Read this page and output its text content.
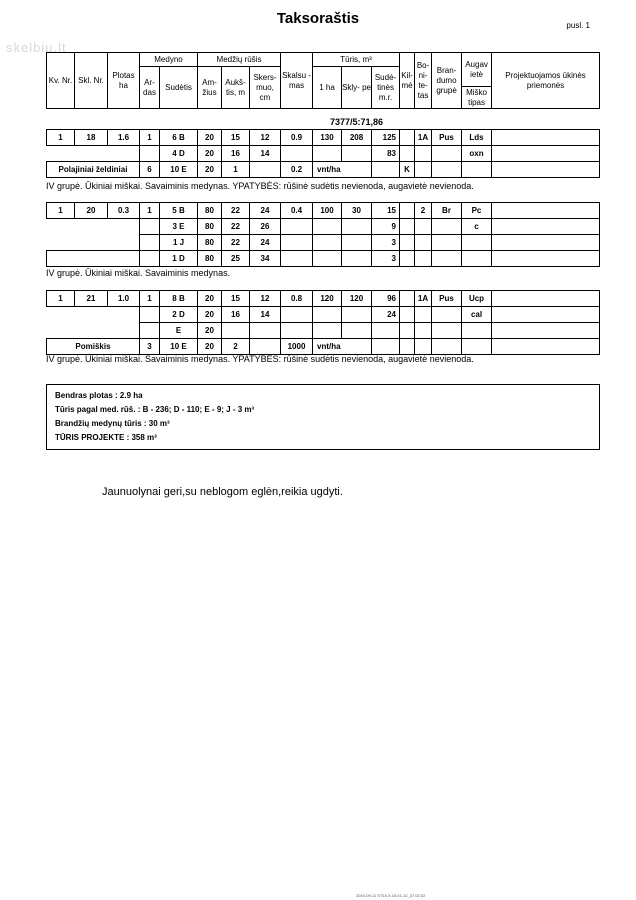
Taksoraštis	pusl. 1
skelbiu.lt
Kv. Nr.	Skl. Nr.	Plotas ha	Medyno		Medžių rūšis			Skalsu - mas	Tūris, m³			Kil- mė	Bo- ni- te- tas	Bran- dumo grupė	Augav ietė	Projektuojamos ūkinės priemonės
			Ar- das	Sudėtis	Am- žius	Aukš- tis, m	Skers- muo, cm		1 ha	Skly- pe	Sudė- tinės m.r.					
															Miško tipas	
7377/5:71,86
1	18	1.6	1	6 B	20	15	12	0.9	130	208	125		1A	Pus	Lds	
				4 D	20	16	14				83				oxn	
Polajiniai želdiniai			6	10 E	20	1		0.2	vnt/ha			K				
IV grupė. Ūkiniai miškai. Savaiminis medynas. YPATYBĖS: rūšinė sudėtis nevienoda, augavietė nevienoda.
1	20	0.3	1	5 B	80	22	24	0.4	100	30	15		2	Br	Pc	
				3 E	80	22	26				9				c	
				1 J	80	22	24				3					
				1 D	80	25	34				3					
IV grupė. Ūkiniai miškai. Savaiminis medynas.
1	21	1.0	1	8 B	20	15	12	0.8	120	120	96		1A	Pus	Ucp	
				2 D	20	16	14				24				cal	
				E	20											
Pomiškis			3	10 E	20	2		1000	vnt/ha							
IV grupė. Ūkiniai miškai. Savaiminis medynas. YPATYBĖS: rūšinė sudėtis nevienoda, augavietė nevienoda.
Bendras plotas : 2.9 ha
Tūris pagal med. rūš. : B - 236; D - 110; E - 9; J - 3 m³
Brandžių medynų tūris : 30 m³
TŪRIS PROJEKTE : 358 m³
Jaunuolynai geri,su neblogom eglėn,reikia ugdyti.
2010-09-11 ST15.X.16.01-12_37.02.52
